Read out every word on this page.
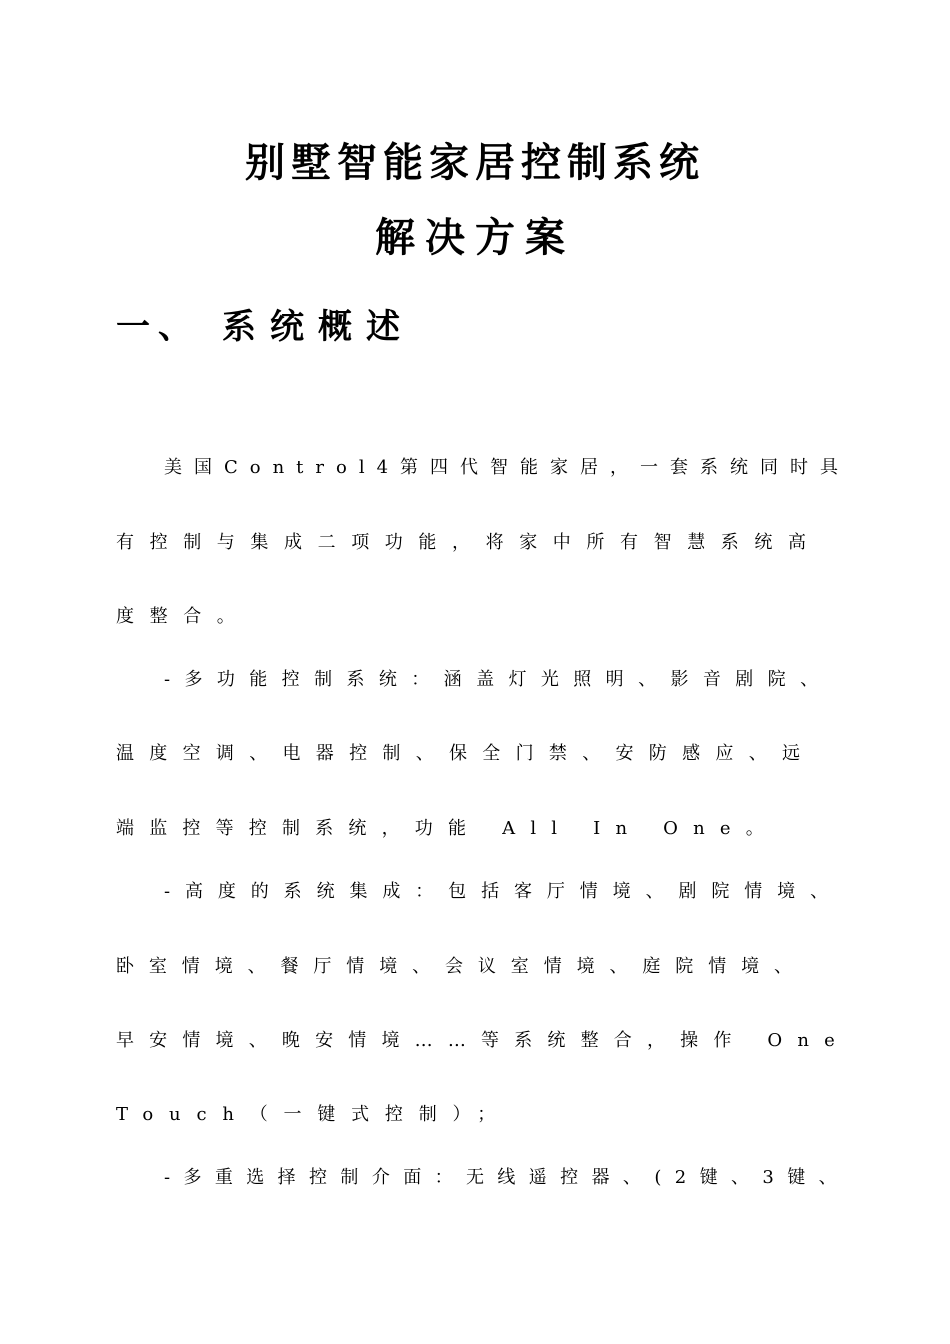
别墅智能家居控制系统
解决方案
一、 系统概述
美国Control4第四代智能家居，一套系统同时具
有控制与集成二项功能，将家中所有智慧系统高
度整合。
-多功能控制系统：涵盖灯光照明、影音剧院、
温度空调、电器控制、保全门禁、安防感应、远
端监控等控制系统，功能 All In One。
-高度的系统集成：包括客厅情境、剧院情境、
卧室情境、餐厅情境、会议室情境、庭院情境、
早安情境、晚安情境……等系统整合，操作 One
Touch（一键式控制）；
-多重选择控制介面：无线遥控器、(2键、3键、
